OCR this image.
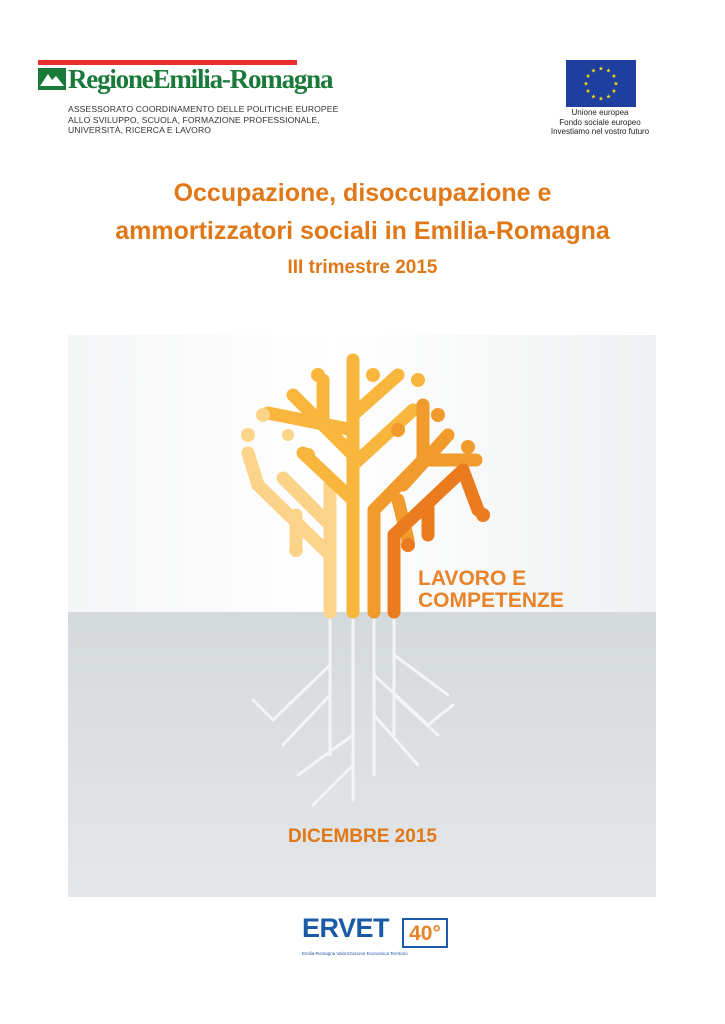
RegioneEmilia-Romagna
ASSESSORATO COORDINAMENTO DELLE POLITICHE EUROPEE
ALLO SVILUPPO, SCUOLA, FORMAZIONE PROFESSIONALE,
UNIVERSITÀ, RICERCA E LAVORO
★ ★
★
★
★
★
★
★
★
★
★
★
Unione europea
Fondo sociale europeo
Investiamo nel vostro futuro
Occupazione, disoccupazione e
ammortizzatori sociali in Emilia-Romagna
III trimestre 2015
LAVORO E
COMPETENZE
DICEMBRE 2015
ERVET 40°
Emilia-Romagna Valorizzazione Economica Territorio
